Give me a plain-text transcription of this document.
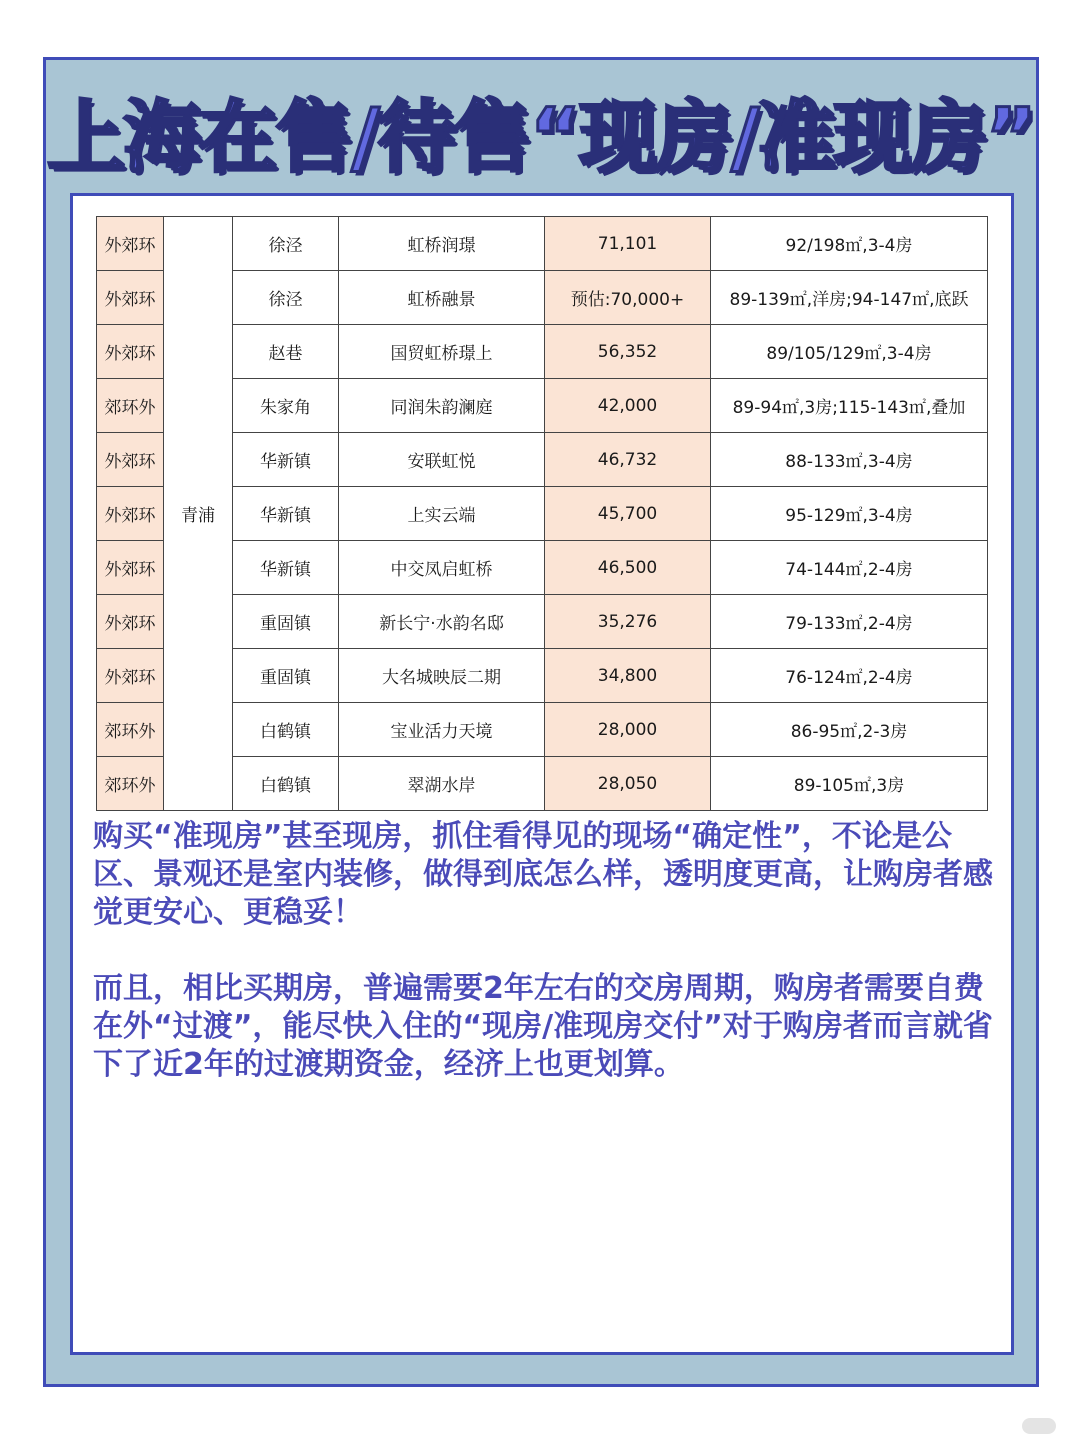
上海在售/待售“现房/准现房”
外郊环	青浦	徐泾	虹桥润璟	71,101	92/198㎡,3-4房
外郊环		徐泾	虹桥融景	预估:70,000+	89-139㎡,洋房;94-147㎡,底跃
外郊环		赵巷	国贸虹桥璟上	56,352	89/105/129㎡,3-4房
郊环外		朱家角	同润朱韵澜庭	42,000	89-94㎡,3房;115-143㎡,叠加
外郊环		华新镇	安联虹悦	46,732	88-133㎡,3-4房
外郊环		华新镇	上实云端	45,700	95-129㎡,3-4房
外郊环		华新镇	中交凤启虹桥	46,500	74-144㎡,2-4房
外郊环		重固镇	新长宁·水韵名邸	35,276	79-133㎡,2-4房
外郊环		重固镇	大名城映辰二期	34,800	76-124㎡,2-4房
郊环外		白鹤镇	宝业活力天境	28,000	86-95㎡,2-3房
郊环外		白鹤镇	翠湖水岸	28,050	89-105㎡,3房

购买“准现房”甚至现房，抓住看得见的现场“确定性”，不论是公区、景观还是室内装修，做得到底怎么样，透明度更高，让购房者感觉更安心、更稳妥！

而且，相比买期房，普遍需要2年左右的交房周期，购房者需要自费在外“过渡”，能尽快入住的“现房/准现房交付”对于购房者而言就省下了近2年的过渡期资金，经济上也更划算。
